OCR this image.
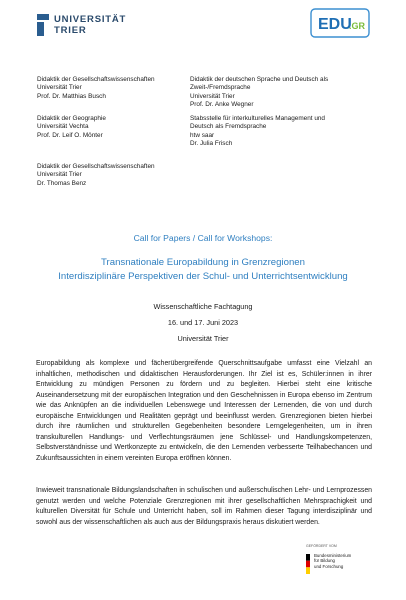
UNIVERSITÄT
TRIER	EDU
.GR
Didaktik der Gesellschaftswissenschaften
Universität Trier
Prof. Dr. Matthias Busch
Didaktik der deutschen Sprache und Deutsch als
Zweit-/Fremdsprache
Universität Trier
Prof. Dr. Anke Wegner
Didaktik der Geographie
Universität Vechta
Prof. Dr. Leif O. Mönter
Stabsstelle für interkulturelles Management und
Deutsch als Fremdsprache
htw saar
Dr. Julia Frisch
Didaktik der Gesellschaftswissenschaften
Universität Trier
Dr. Thomas Benz
Call for Papers / Call for Workshops:
Transnationale Europabildung in Grenzregionen
Interdisziplinäre Perspektiven der Schul- und Unterrichtsentwicklung
Wissenschaftliche Fachtagung
16. und 17. Juni 2023
Universität Trier
Europabildung als komplexe und fächerübergreifende Querschnittsaufgabe umfasst eine Vielzahl an inhaltlichen, methodischen und didaktischen Herausforderungen. Ihr Ziel ist es, Schüler:innen in ihrer Entwicklung zu mündigen Personen zu fördern und zu begleiten. Hierbei steht eine kritische Auseinandersetzung mit der europäischen Integration und den Geschehnissen in Europa ebenso im Zentrum wie das Anknüpfen an die individuellen Lebenswege und Interessen der Lernenden, die von und durch europäische Entwicklungen und Realitäten geprägt und beeinflusst werden. Grenzregionen bieten hierbei durch ihre räumlichen und strukturellen Gegebenheiten besondere Lerngelegenheiten, um in ihren transkulturellen Handlungs- und Verflechtungsräumen jene Schlüssel- und Handlungskompetenzen, Selbstverständnisse und Wertkonzepte zu entwickeln, die den Lernenden verbesserte Teilhabechancen und Zukunftsaussichten in einem vereinten Europa eröffnen können.
Inwieweit transnationale Bildungslandschaften in schulischen und außerschulischen Lehr- und Lernprozessen genutzt werden und welche Potenziale Grenzregionen mit ihrer gesellschaftlichen Mehrsprachigkeit und kulturellen Diversität für Schule und Unterricht haben, soll im Rahmen dieser Tagung interdisziplinär und sowohl aus der wissenschaftlichen als auch aus der Bildungspraxis heraus diskutiert werden.
GEFÖRDERT VOM
Bundesministerium
für Bildung
und Forschung
